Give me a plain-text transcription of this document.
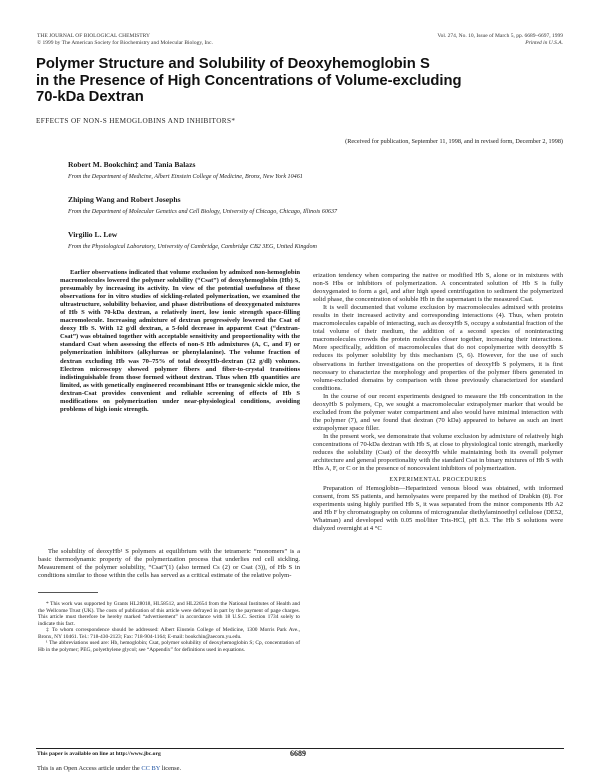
THE JOURNAL OF BIOLOGICAL CHEMISTRY
© 1999 by The American Society for Biochemistry and Molecular Biology, Inc.
Vol. 274, No. 10, Issue of March 5, pp. 6689–6697, 1999
Printed in U.S.A.
Polymer Structure and Solubility of Deoxyhemoglobin S
in the Presence of High Concentrations of Volume-excluding
70-kDa Dextran
EFFECTS OF NON-S HEMOGLOBINS AND INHIBITORS*
(Received for publication, September 11, 1998, and in revised form, December 2, 1998)
Robert M. Bookchin‡ and Tania Balazs
From the Department of Medicine, Albert Einstein College of Medicine, Bronx, New York 10461
Zhiping Wang and Robert Josephs
From the Department of Molecular Genetics and Cell Biology, University of Chicago, Chicago, Illinois 60637
Virgilio L. Lew
From the Physiological Laboratory, University of Cambridge, Cambridge CB2 3EG, United Kingdom
Earlier observations indicated that volume exclusion by admixed non-hemoglobin macromolecules lowered the polymer solubility (“Csat”) of deoxyhemoglobin (Hb) S, presumably by increasing its activity. In view of the potential usefulness of these observations for in vitro studies of sickling-related polymerization, we examined the ultrastructure, solubility behavior, and phase distributions of deoxygenated mixtures of Hb S with 70-kDa dextran, a relatively inert, low ionic strength space-filling macromolecule. Increasing admixture of dextran progressively lowered the Csat of deoxy Hb S. With 12 g/dl dextran, a 5-fold decrease in apparent Csat (“dextran-Csat”) was obtained together with acceptable sensitivity and proportionality with the standard Csat when assessing the effects of non-S Hb admixtures (A, C, and F) or polymerization inhibitors (alkylureas or phenylalanine). The volume fraction of dextran excluding Hb was 70–75% of total deoxyHb-dextran (12 g/dl) volumes. Electron microscopy showed polymer fibers and fiber-to-crystal transitions indistinguishable from those formed without dextran. Thus when Hb quantities are limited, as with genetically engineered recombinant Hbs or transgenic sickle mice, the dextran-Csat provides convenient and reliable screening of effects of Hb S modifications on polymerization under near-physiological conditions, avoiding problems of high ionic strength.

The solubility of deoxyHb¹ S polymers at equilibrium with the tetrameric “monomers” is a basic thermodynamic property of the polymerization process that underlies red cell sickling. Measurement of the polymer solubility, “Csat”(1) (also termed Cs (2) or Csat (3)), of Hb S in conditions similar to those within the cells has served as a critical estimate of the relative polym-

* This work was supported by Grants HL28018, HL58512, and HL22654 from the National Institutes of Health and the Wellcome Trust (UK). The costs of publication of this article were defrayed in part by the payment of page charges. This article must therefore be hereby marked “advertisement” in accordance with 18 U.S.C. Section 1734 solely to indicate this fact.

‡ To whom correspondence should be addressed: Albert Einstein College of Medicine, 1300 Morris Park Ave., Bronx, NY 10461. Tel.: 718-430-2123; Fax: 718-904-1164; E-mail: bookchin@aecom.yu.edu.

¹ The abbreviations used are: Hb, hemoglobin; Csat, polymer solubility of deoxyhemoglobin S; Cp, concentration of Hb in the polymer; PEG, polyethylene glycol; see “Appendix” for definitions used in equations.

erization tendency when comparing the native or modified Hb S, alone or in mixtures with non-S Hbs or inhibitors of polymerization. A concentrated solution of Hb S is fully deoxygenated to form a gel, and after high speed centrifugation to sediment the polymerized solid phase, the concentration of soluble Hb in the supernatant is the measured Csat.

It is well documented that volume exclusion by macromolecules admixed with proteins results in their increased activity and corresponding interactions (4). Thus, when protein macromolecules capable of interacting, such as deoxyHb S, occupy a substantial fraction of the total volume of their medium, the addition of a second species of noninteracting macromolecules crowds the protein molecules closer together, increasing their interactions. More specifically, addition of macromolecules that do not copolymerize with deoxyHb S reduces its polymer solubility by this mechanism (5, 6). However, for the use of such observations in further investigations on the properties of deoxyHb S polymers, it is first necessary to characterize the morphology and properties of the polymer fibers generated in volume-excluded domains by comparison with those previously characterized for standard conditions.

In the course of our recent experiments designed to measure the Hb concentration in the deoxyHb S polymers, Cp, we sought a macromolecular extrapolymer marker that would be excluded from the polymer water compartment and also would have minimal interaction with the polymer (7), and we found that dextran (70 kDa) appeared to behave as such an inert extrapolymer space filler.

In the present work, we demonstrate that volume exclusion by admixture of relatively high concentrations of 70-kDa dextran with Hb S, at close to physiological ionic strength, markedly reduces the solubility (Csat) of the deoxyHb while maintaining both its overall polymer architecture and general proportionality with the standard Csat in binary mixtures of Hb S with Hbs A, F, or C or in the presence of noncovalent inhibitors of polymerization.

EXPERIMENTAL PROCEDURES

Preparation of Hemoglobin—Heparinized venous blood was obtained, with informed consent, from SS patients, and hemolysates were prepared by the method of Drabkin (8). For experiments using highly purified Hb S, it was separated from the minor components Hb A2 and Hb F by chromatography on columns of microgranular diethylaminoethyl cellulose (DE52, Whatman) and developed with 0.05 mol/liter Tris-HCl, pH 8.3. The Hb S solutions were dialyzed overnight at 4 °C

This paper is available on line at http://www.jbc.org	6689
This is an Open Access article under the CC BY license.
